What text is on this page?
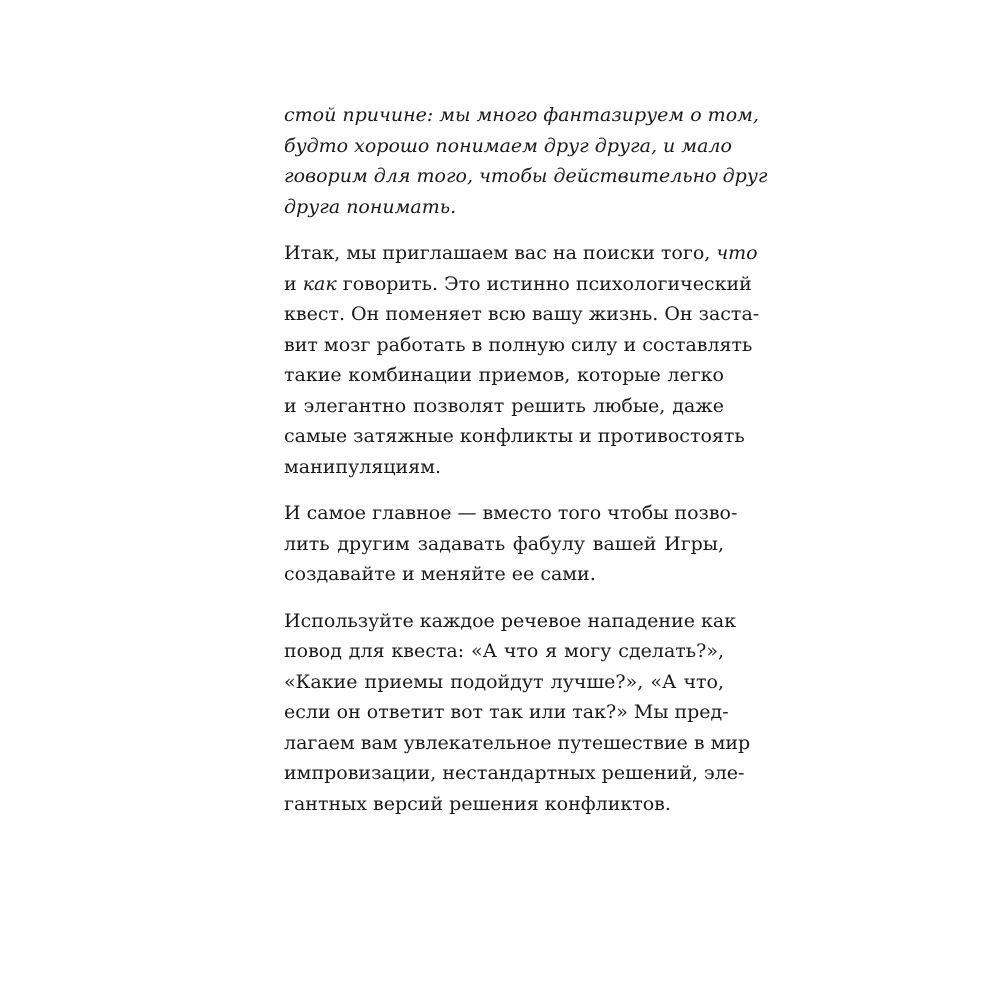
стой причине: мы много фантазируем о том,
будто хорошо понимаем друг друга, и мало
говорим для того, чтобы действительно друг
друга понимать.

Итак, мы приглашаем вас на поиски того, что
и как говорить. Это истинно психологический
квест. Он поменяет всю вашу жизнь. Он заста-
вит мозг работать в полную силу и составлять
такие комбинации приемов, которые легко
и элегантно позволят решить любые, даже
самые затяжные конфликты и противостоять
манипуляциям.

И самое главное — вместо того чтобы позво-
лить другим задавать фабулу вашей Игры,
создавайте и меняйте ее сами.

Используйте каждое речевое нападение как
повод для квеста: «А что я могу сделать?»,
«Какие приемы подойдут лучше?», «А что,
если он ответит вот так или так?» Мы пред-
лагаем вам увлекательное путешествие в мир
импровизации, нестандартных решений, эле-
гантных версий решения конфликтов.
